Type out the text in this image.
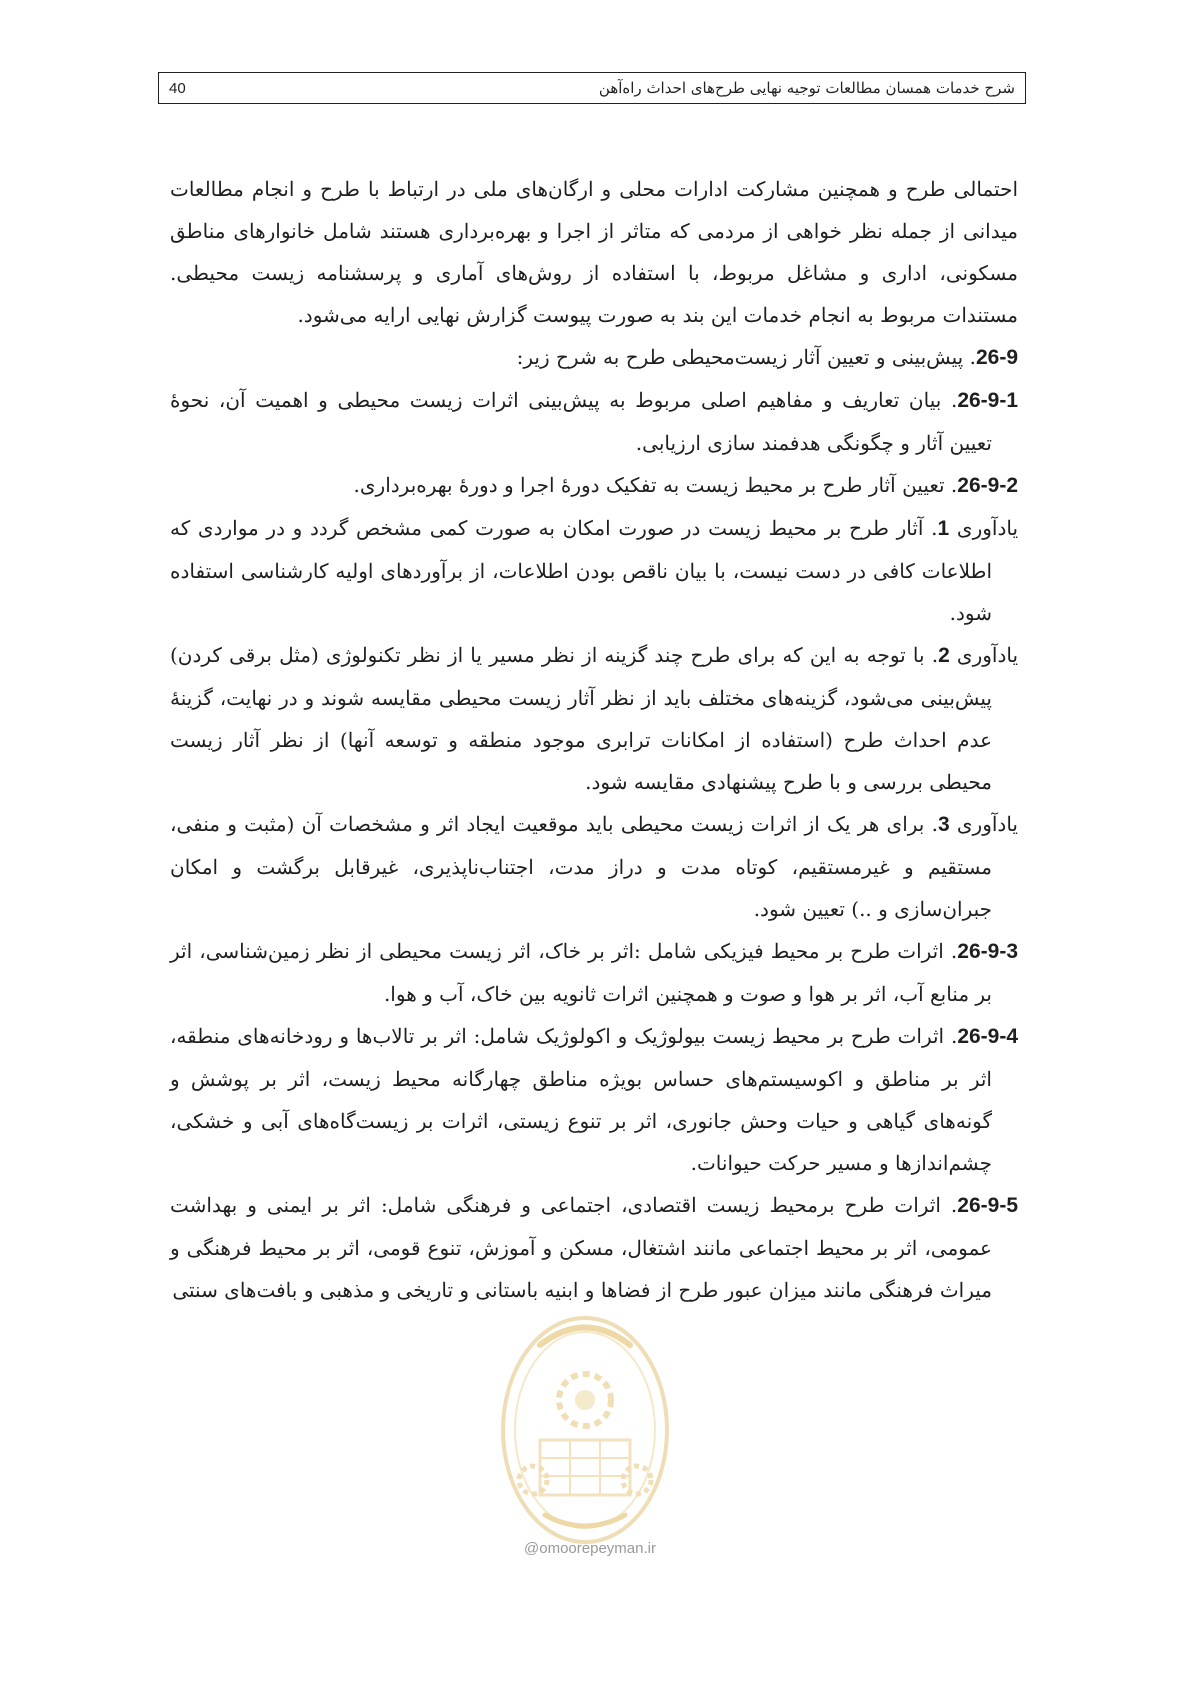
40	شرح خدمات همسان مطالعات توجیه نهایی طرح‌های احداث راه‌آهن

احتمالی طرح و همچنین مشارکت ادارات محلی و ارگان‌های ملی در ارتباط با طرح و انجام مطالعات میدانی از جمله نظر خواهی از مردمی که متاثر از اجرا و بهره‌برداری هستند شامل خانوارهای مناطق مسکونی، اداری و مشاغل مربوط، با استفاده از روش‌های آماری و پرسشنامه زیست محیطی. مستندات مربوط به انجام خدمات این بند به صورت پیوست گزارش نهایی ارایه می‌شود.

26-9. پیش‌بینی و تعیین آثار زیست‌محیطی طرح به شرح زیر:

26-9-1. بیان تعاریف و مفاهیم اصلی مربوط به پیش‌بینی اثرات زیست محیطی و اهمیت آن، نحوهٔ تعیین آثار و چگونگی هدفمند سازی ارزیابی.

26-9-2. تعیین آثار طرح بر محیط زیست به تفکیک دورهٔ اجرا و دورهٔ بهره‌برداری.

یادآوری 1. آثار طرح بر محیط زیست در صورت امکان به صورت کمی مشخص گردد و در مواردی که اطلاعات کافی در دست نیست، با بیان ناقص بودن اطلاعات، از برآوردهای اولیه کارشناسی استفاده شود.

یادآوری 2. با توجه به این که برای طرح چند گزینه از نظر مسیر یا از نظر تکنولوژی (مثل برقی کردن) پیش‌بینی می‌شود، گزینه‌های مختلف باید از نظر آثار زیست محیطی مقایسه شوند و در نهایت، گزینهٔ عدم احداث طرح (استفاده از امکانات ترابری موجود منطقه و توسعه آنها) از نظر آثار زیست محیطی بررسی و با طرح پیشنهادی مقایسه شود.

یادآوری 3. برای هر یک از اثرات زیست محیطی باید موقعیت ایجاد اثر و مشخصات آن (مثبت و منفی، مستقیم و غیرمستقیم، کوتاه مدت و دراز مدت، اجتناب‌ناپذیری، غیرقابل برگشت و امکان جبران‌سازی و ..) تعیین شود.

26-9-3. اثرات طرح بر محیط فیزیکی شامل :اثر بر خاک، اثر زیست محیطی از نظر زمین‌شناسی، اثر بر منابع آب، اثر بر هوا و صوت و همچنین اثرات ثانویه بین خاک، آب و هوا.

26-9-4. اثرات طرح بر محیط زیست بیولوژیک و اکولوژیک شامل: اثر بر تالاب‌ها و رودخانه‌های منطقه، اثر بر مناطق و اکوسیستم‌های حساس بویژه مناطق چهارگانه محیط زیست، اثر بر پوشش و گونه‌های گیاهی و حیات وحش جانوری، اثر بر تنوع زیستی، اثرات بر زیست‌گاه‌های آبی و خشکی، چشم‌اندازها و مسیر حرکت حیوانات.

26-9-5. اثرات طرح برمحیط زیست اقتصادی، اجتماعی و فرهنگی شامل: اثر بر ایمنی و بهداشت عمومی، اثر بر محیط اجتماعی مانند اشتغال، مسکن و آموزش، تنوع قومی، اثر بر محیط فرهنگی و میراث فرهنگی مانند میزان عبور طرح از فضاها و ابنیه باستانی و تاریخی و مذهبی و بافت‌های سنتی

@omoorepeyman.ir
